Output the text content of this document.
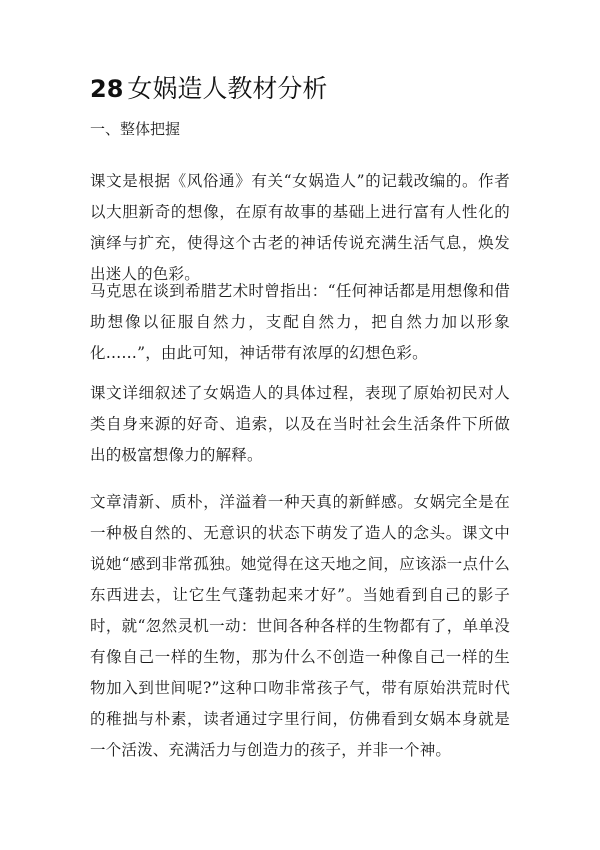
28 女娲造人教材分析
一、整体把握

课文是根据《风俗通》有关“女娲造人”的记载改编的。作者以大胆新奇的想像，在原有故事的基础上进行富有人性化的演绎与扩充，使得这个古老的神话传说充满生活气息，焕发出迷人的色彩。

马克思在谈到希腊艺术时曾指出：“任何神话都是用想像和借助想像以征服自然力，支配自然力，把自然力加以形象化……”，由此可知，神话带有浓厚的幻想色彩。

课文详细叙述了女娲造人的具体过程，表现了原始初民对人类自身来源的好奇、追索，以及在当时社会生活条件下所做出的极富想像力的解释。

文章清新、质朴，洋溢着一种天真的新鲜感。女娲完全是在一种极自然的、无意识的状态下萌发了造人的念头。课文中说她“感到非常孤独。她觉得在这天地之间，应该添一点什么东西进去，让它生气蓬勃起来才好”。当她看到自己的影子时，就“忽然灵机一动：世间各种各样的生物都有了，单单没有像自己一样的生物，那为什么不创造一种像自己一样的生物加入到世间呢?”这种口吻非常孩子气，带有原始洪荒时代的稚拙与朴素，读者通过字里行间，仿佛看到女娲本身就是一个活泼、充满活力与创造力的孩子，并非一个神。
